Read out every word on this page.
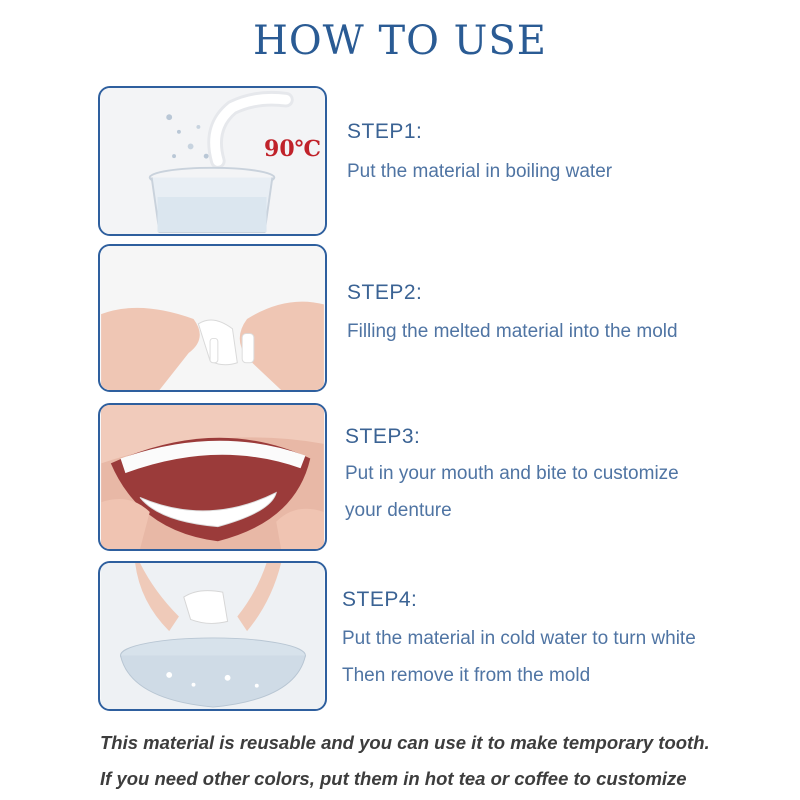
HOW TO USE
90℃
STEP1:
Put the material in boiling water
STEP2:
Filling the melted material into the mold
STEP3:
Put in your mouth and bite to customize
your denture
STEP4:
Put the material in cold water to turn white
Then remove it from the mold
This material is reusable and you can use it to make temporary tooth.
If you need other colors, put them in hot tea or coffee to customize
